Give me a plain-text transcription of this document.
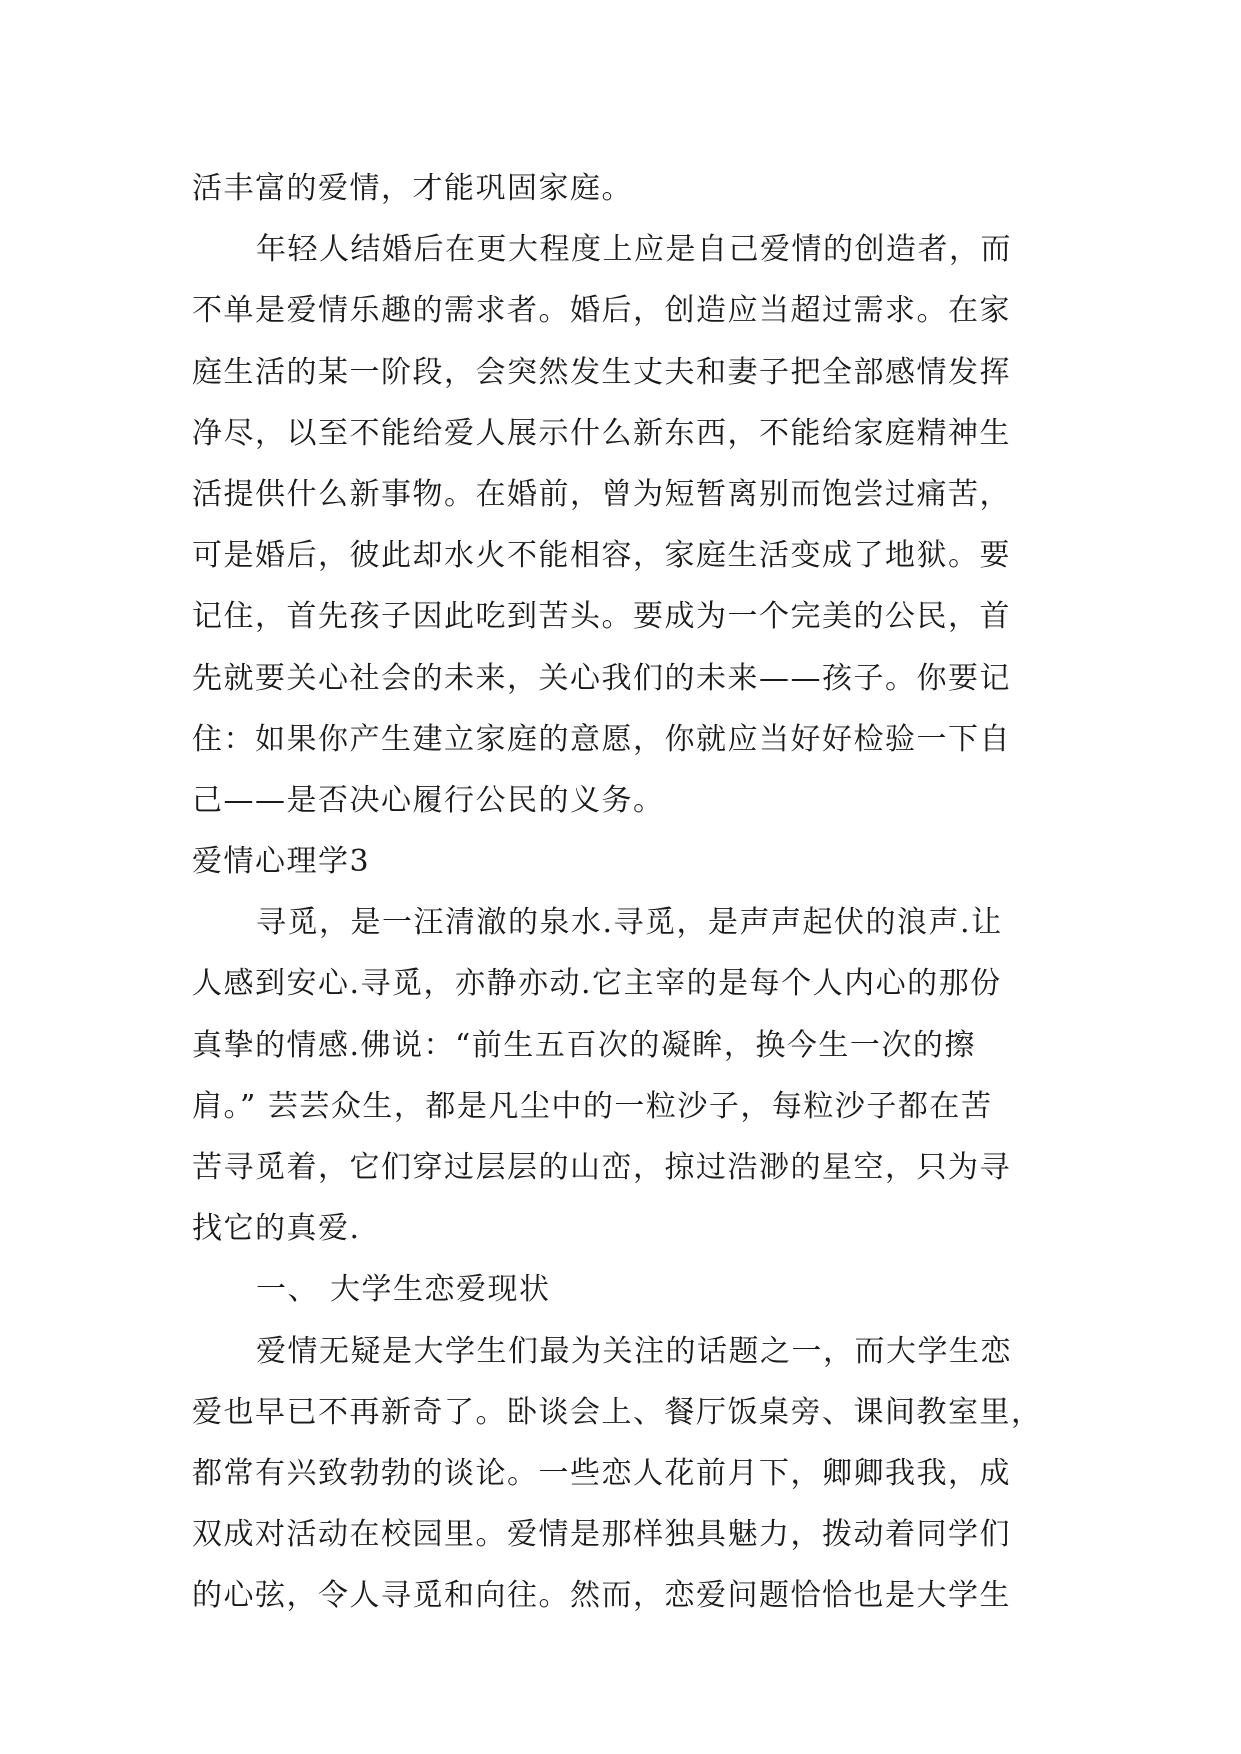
活丰富的爱情，才能巩固家庭。
年轻人结婚后在更大程度上应是自己爱情的创造者，而
不单是爱情乐趣的需求者。婚后，创造应当超过需求。在家
庭生活的某一阶段，会突然发生丈夫和妻子把全部感情发挥
净尽，以至不能给爱人展示什么新东西，不能给家庭精神生
活提供什么新事物。在婚前，曾为短暂离别而饱尝过痛苦，
可是婚后，彼此却水火不能相容，家庭生活变成了地狱。要
记住，首先孩子因此吃到苦头。要成为一个完美的公民，首
先就要关心社会的未来，关心我们的未来——孩子。你要记
住：如果你产生建立家庭的意愿，你就应当好好检验一下自
己——是否决心履行公民的义务。
爱情心理学3
寻觅，是一汪清澈的泉水.寻觅，是声声起伏的浪声.让
人感到安心.寻觅，亦静亦动.它主宰的是每个人内心的那份
真挚的情感.佛说：“前生五百次的凝眸，换今生一次的擦
肩。” 芸芸众生，都是凡尘中的一粒沙子，每粒沙子都在苦
苦寻觅着，它们穿过层层的山峦，掠过浩渺的星空，只为寻
找它的真爱.
一、 大学生恋爱现状
爱情无疑是大学生们最为关注的话题之一，而大学生恋
爱也早已不再新奇了。卧谈会上、餐厅饭桌旁、课间教室里，
都常有兴致勃勃的谈论。一些恋人花前月下，卿卿我我，成
双成对活动在校园里。爱情是那样独具魅力，拨动着同学们
的心弦，令人寻觅和向往。然而，恋爱问题恰恰也是大学生
